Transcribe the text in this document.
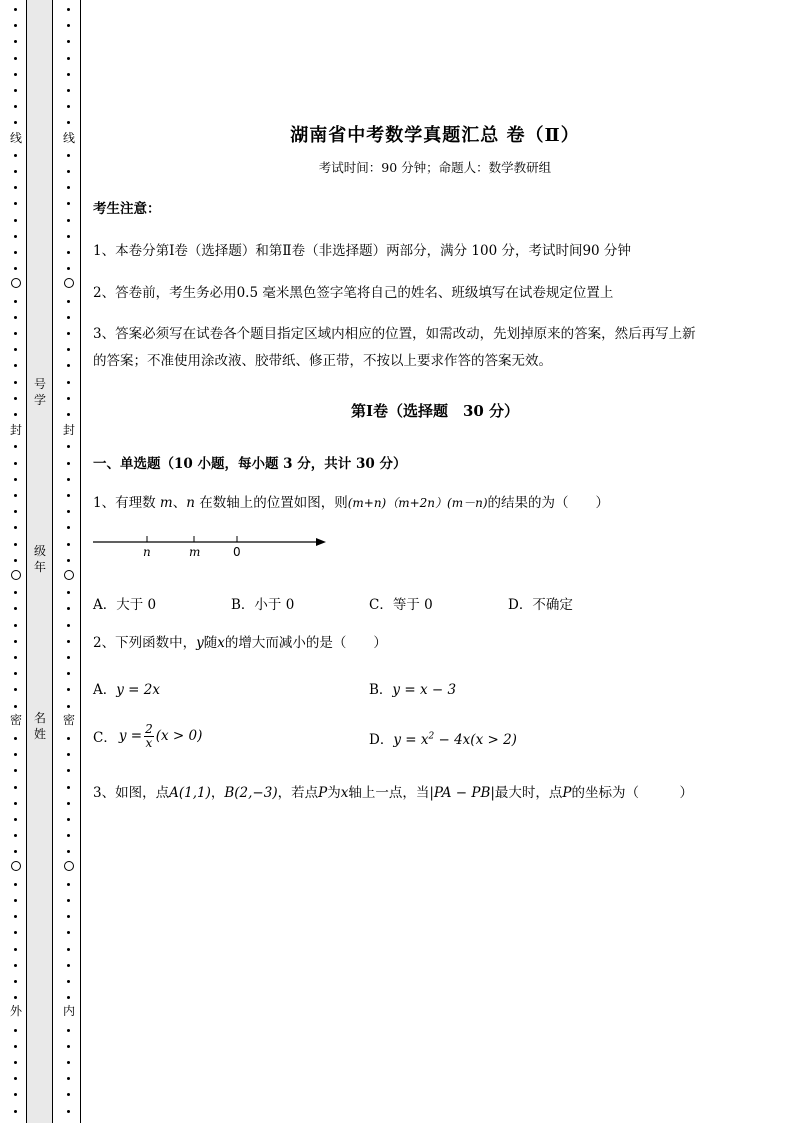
线
封
密
外
线
封
密
内
号
学
级
年
名
姓
湖南省中考数学真题汇总 卷（Ⅱ）
考试时间：90 分钟；命题人：数学教研组
考生注意：
1、本卷分第Ⅰ卷（选择题）和第Ⅱ卷（非选择题）两部分，满分 100 分，考试时间90 分钟
2、答卷前，考生务必用0.5 毫米黑色签字笔将自己的姓名、班级填写在试卷规定位置上
3、答案必须写在试卷各个题目指定区域内相应的位置，如需改动，先划掉原来的答案，然后再写上新
的答案；不准使用涂改液、胶带纸、修正带，不按以上要求作答的答案无效。
第Ⅰ卷（选择题　30 分）
一、单选题（10 小题，每小题 3 分，共计 30 分）
1、有理数 m、n 在数轴上的位置如图，则(m+n)（m+2n）(m－n)的结果的为（　　）
n	m	0
A．大于 0	B．小于 0	C．等于 0	D．不确定
2、下列函数中，y随x的增大而减小的是（　　）
A．y = 2x	B．y = x − 3
C． $y = \frac{2}{x} (x > 0)$	D．$y = x^2 - 4x(x > 2)$
3、如图，点A(1,1)，B(2,−3)，若点P为x轴上一点，当|PA − PB|最大时，点P的坐标为（　　　）
